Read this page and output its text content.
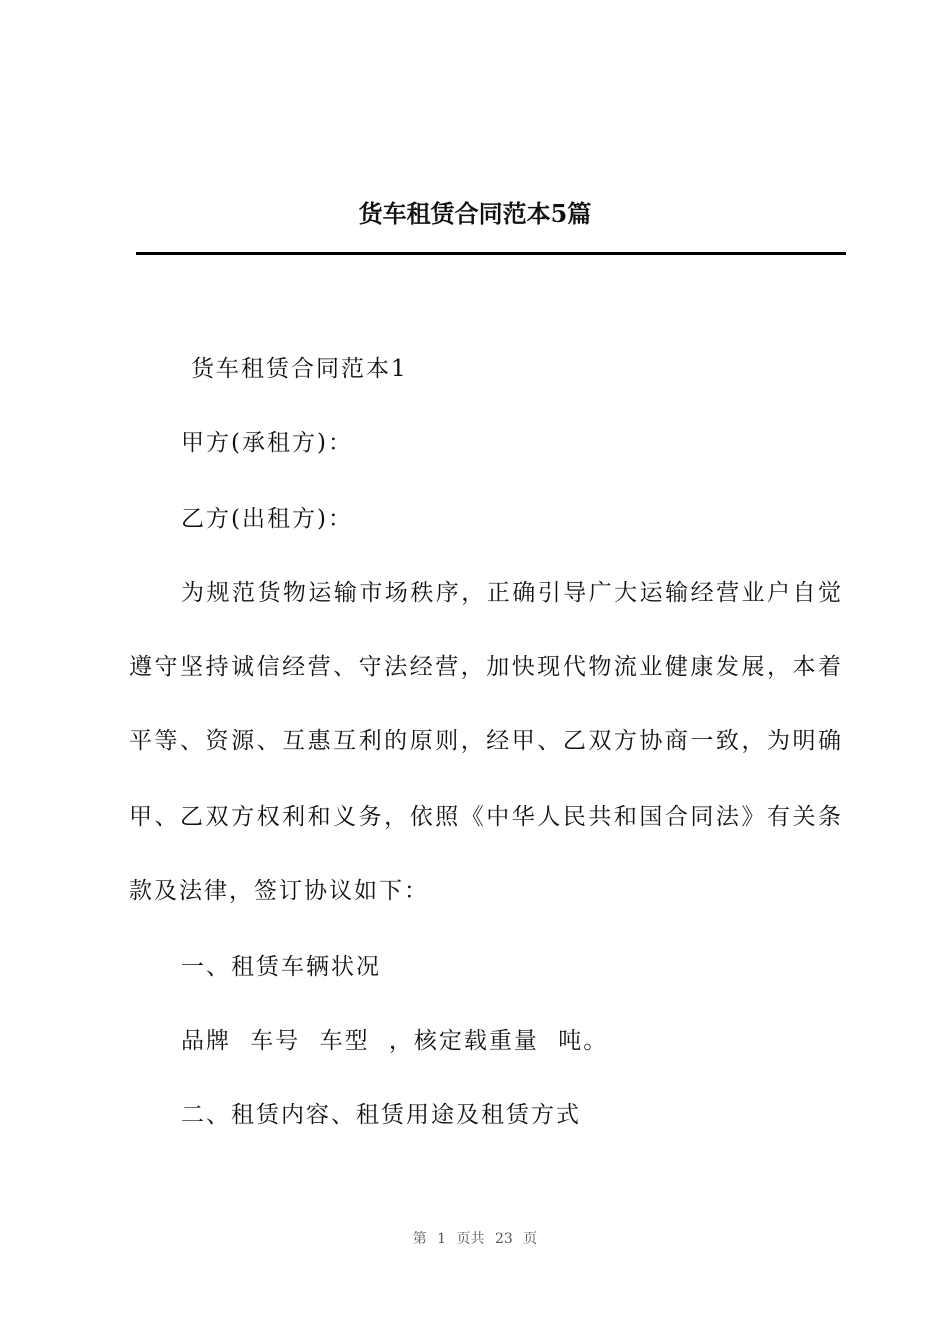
货车租赁合同范本5篇
货车租赁合同范本1
甲方(承租方)：
乙方(出租方)：
为规范货物运输市场秩序，正确引导广大运输经营业户自觉
遵守坚持诚信经营、守法经营，加快现代物流业健康发展，本着
平等、资源、互惠互利的原则，经甲、乙双方协商一致，为明确
甲、乙双方权利和义务，依照《中华人民共和国合同法》有关条
款及法律，签订协议如下：
一、租赁车辆状况
品牌 车号 车型 ，核定载重量 吨。
二、租赁内容、租赁用途及租赁方式
第 1 页共 23 页
